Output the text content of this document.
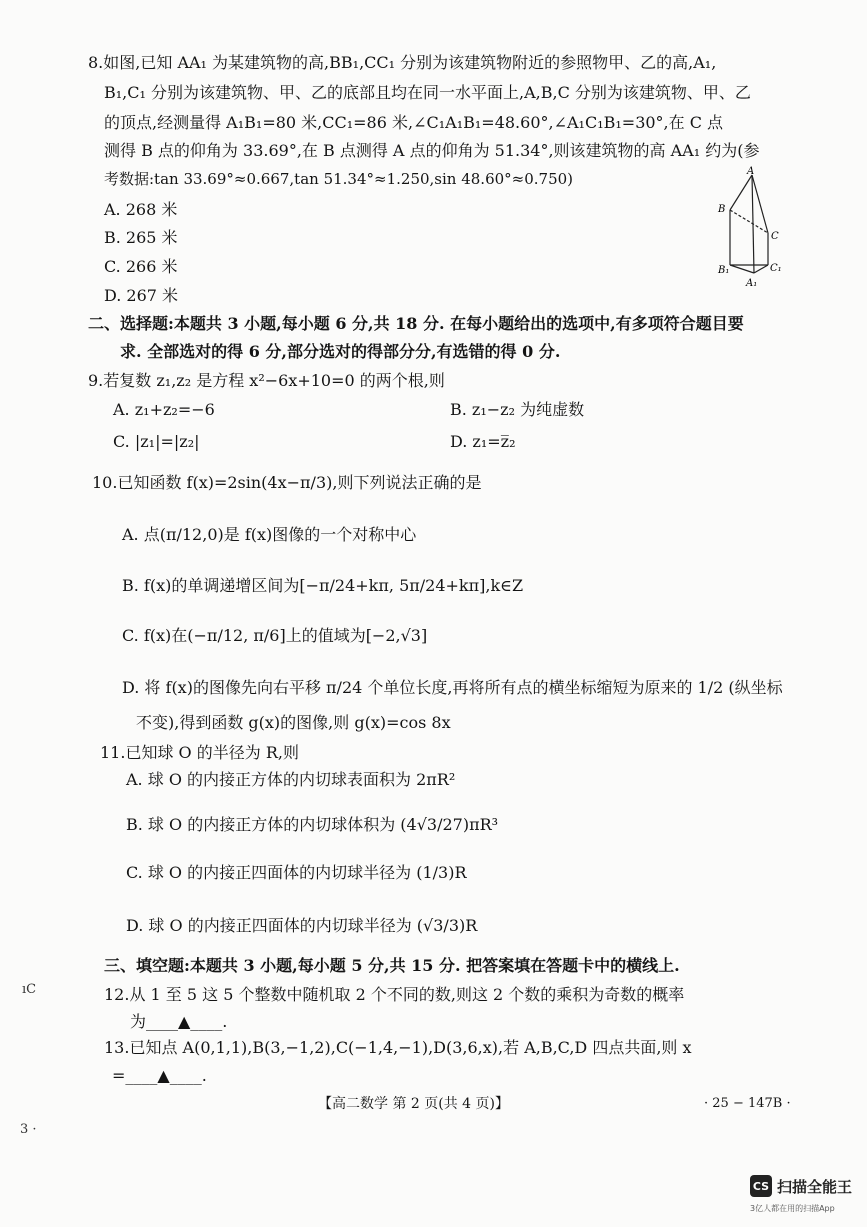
8.如图,已知 AA₁ 为某建筑物的高,BB₁,CC₁ 分别为该建筑物附近的参照物甲、乙的高,A₁,
B₁,C₁ 分别为该建筑物、甲、乙的底部且均在同一水平面上,A,B,C 分别为该建筑物、甲、乙
的顶点,经测量得 A₁B₁=80 米,CC₁=86 米,∠C₁A₁B₁=48.60°,∠A₁C₁B₁=30°,在 C 点
测得 B 点的仰角为 33.69°,在 B 点测得 A 点的仰角为 51.34°,则该建筑物的高 AA₁ 约为(参
考数据:tan 33.69°≈0.667,tan 51.34°≈1.250,sin 48.60°≈0.750)
A. 268 米
B. 265 米
C. 266 米
D. 267 米
A
B
C
B₁
A₁
C₁
二、选择题:本题共 3 小题,每小题 6 分,共 18 分. 在每小题给出的选项中,有多项符合题目要
求. 全部选对的得 6 分,部分选对的得部分分,有选错的得 0 分.
9.若复数 z₁,z₂ 是方程 x²−6x+10=0 的两个根,则
A. z₁+z₂=−6	B. z₁−z₂ 为纯虚数
C. |z₁|=|z₂|	D. z₁=z̅₂
10.已知函数 f(x)=2sin(4x−π/3),则下列说法正确的是
A. 点(π/12,0)是 f(x)图像的一个对称中心
B. f(x)的单调递增区间为[−π/24+kπ, 5π/24+kπ],k∈Z
C. f(x)在(−π/12, π/6]上的值域为[−2,√3]
D. 将 f(x)的图像先向右平移 π/24 个单位长度,再将所有点的横坐标缩短为原来的 1/2 (纵坐标
不变),得到函数 g(x)的图像,则 g(x)=cos 8x
11.已知球 O 的半径为 R,则
A. 球 O 的内接正方体的内切球表面积为 2πR²
B. 球 O 的内接正方体的内切球体积为 (4√3/27)πR³
C. 球 O 的内接正四面体的内切球半径为 (1/3)R
D. 球 O 的内接正四面体的内切球半径为 (√3/3)R
三、填空题:本题共 3 小题,每小题 5 分,共 15 分. 把答案填在答题卡中的横线上.
12.从 1 至 5 这 5 个整数中随机取 2 个不同的数,则这 2 个数的乘积为奇数的概率
为____▲____.
13.已知点 A(0,1,1),B(3,−1,2),C(−1,4,−1),D(3,6,x),若 A,B,C,D 四点共面,则 x
=____▲____.
【高二数学 第 2 页(共 4 页)】	· 25 − 147B ·
ıC
3 ·
CS 扫描全能王
3亿人都在用的扫描App
